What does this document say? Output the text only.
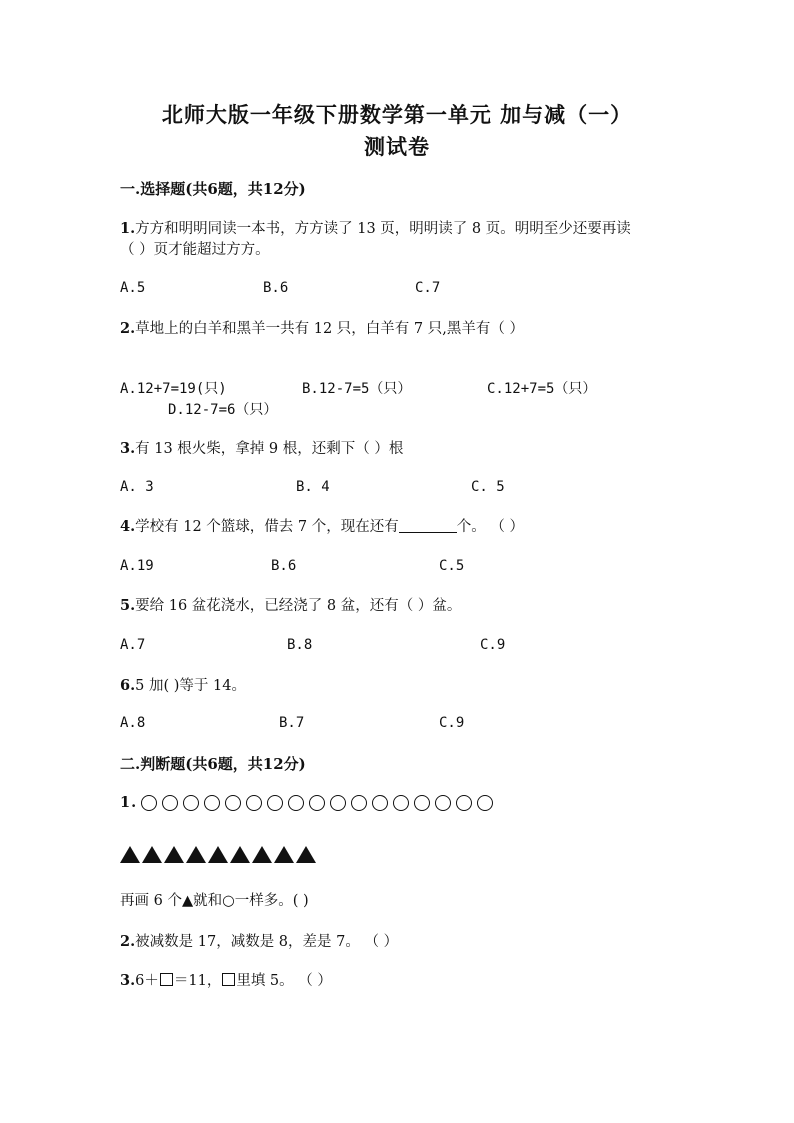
北师大版一年级下册数学第一单元 加与减（一）
测试卷
一.选择题(共6题，共12分)
1.方方和明明同读一本书，方方读了 13 页，明明读了 8 页。明明至少还要再读
（ ）页才能超过方方。
A.5	B.6	C.7
2.草地上的白羊和黑羊一共有 12 只，白羊有 7 只,黑羊有（ ）
A.12+7=19(只)	B.12-7=5（只）	C.12+7=5（只）
D.12-7=6（只）
3.有 13 根火柴，拿掉 9 根，还剩下（ ）根
A. 3	B. 4	C. 5
4.学校有 12 个篮球，借去 7 个，现在还有	个。 （ ）
A.19	B.6	C.5
5.要给 16 盆花浇水，已经浇了 8 盆，还有（ ）盆。
A.7	B.8	C.9
6.5 加( )等于 14。
A.8	B.7	C.9
二.判断题(共6题，共12分)
1.
再画 6 个▲就和○一样多。( )
2.被减数是 17，减数是 8，差是 7。 （ ）
3.6＋ ＝11， 里填 5。 （ ）
